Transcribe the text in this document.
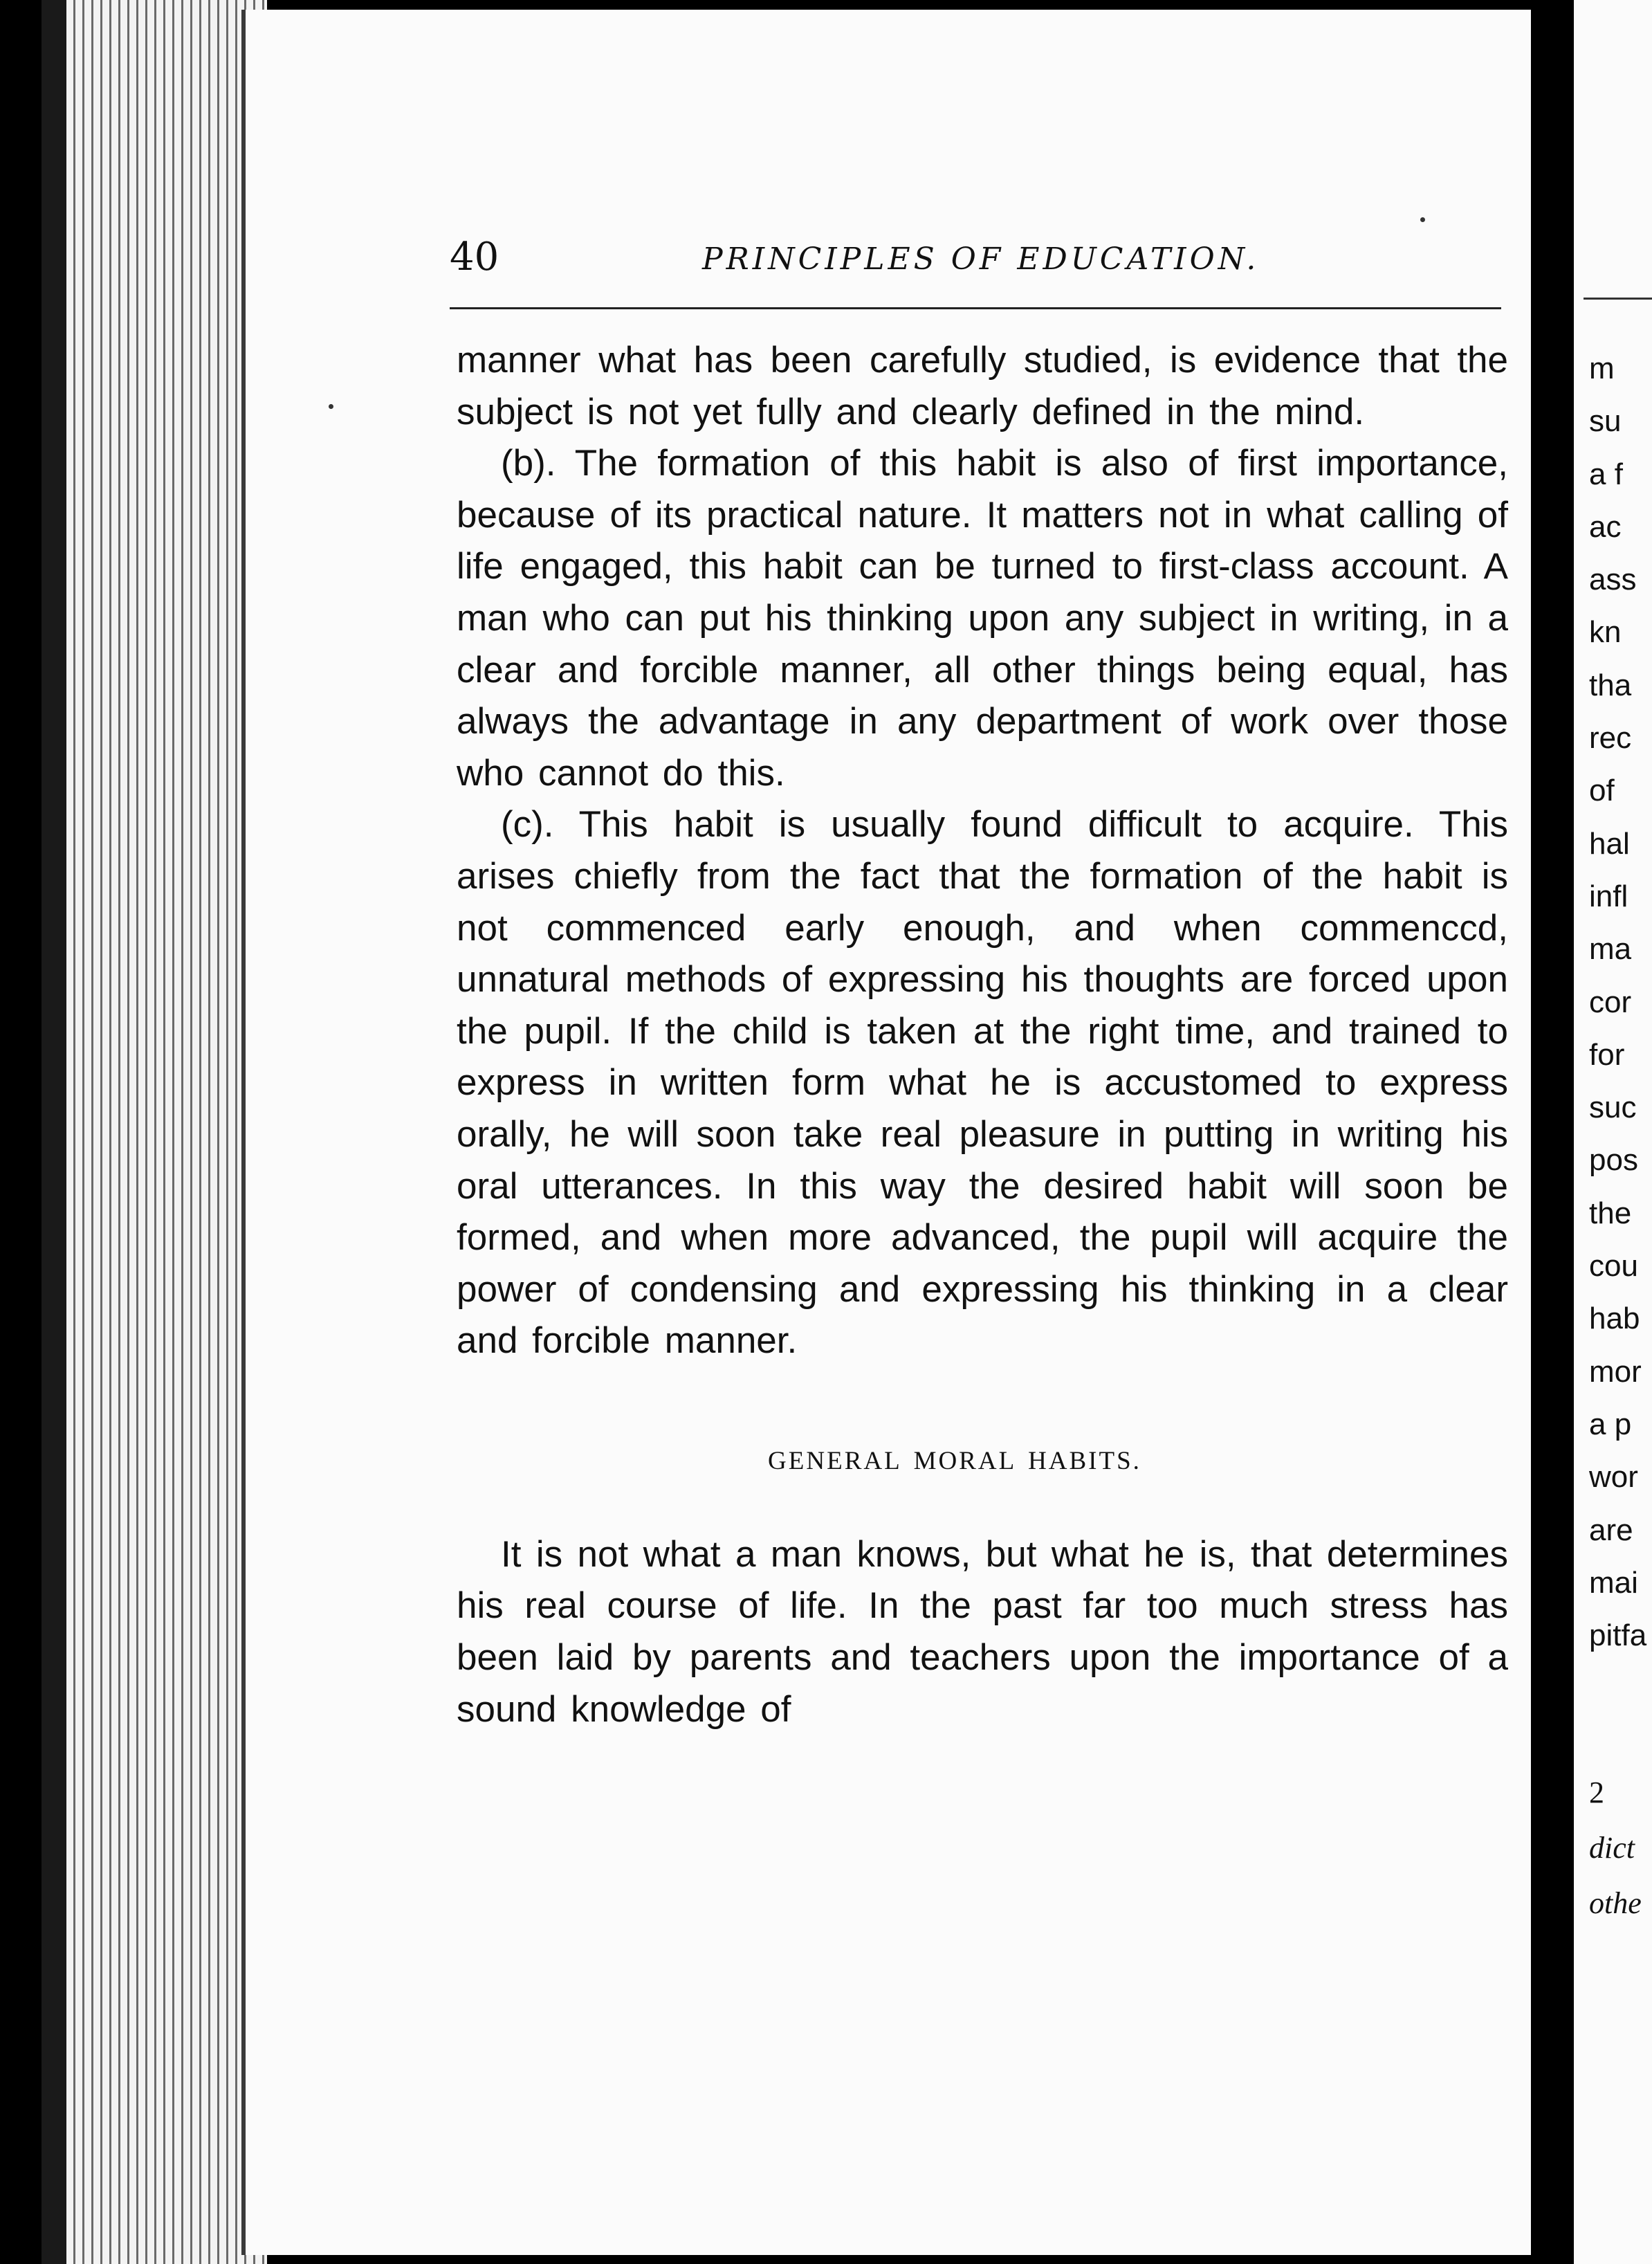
40	PRINCIPLES OF EDUCATION.

manner what has been carefully studied, is evidence that the subject is not yet fully and clearly defined in the mind.

(b). The formation of this habit is also of first importance, because of its practical nature. It matters not in what calling of life engaged, this habit can be turned to first-class account. A man who can put his thinking upon any subject in writing, in a clear and forcible manner, all other things being equal, has always the advantage in any department of work over those who cannot do this.

(c). This habit is usually found difficult to acquire. This arises chiefly from the fact that the formation of the habit is not commenced early enough, and when commenccd, unnatural methods of expressing his thoughts are forced upon the pupil. If the child is taken at the right time, and trained to express in written form what he is accustomed to express orally, he will soon take real pleasure in putting in writing his oral utterances. In this way the desired habit will soon be formed, and when more advanced, the pupil will acquire the power of condensing and expressing his thinking in a clear and forcible manner.

GENERAL MORAL HABITS.

It is not what a man knows, but what he is, that determines his real course of life. In the past far too much stress has been laid by parents and teachers upon the importance of a sound knowledge of

m
su
a f
ac
ass
kn
tha
rec
of
hal
infl
ma
cor
for
suc
pos
the
cou
hab
mor
a p
wor
are
mai
pitfa
2
dict
othe
